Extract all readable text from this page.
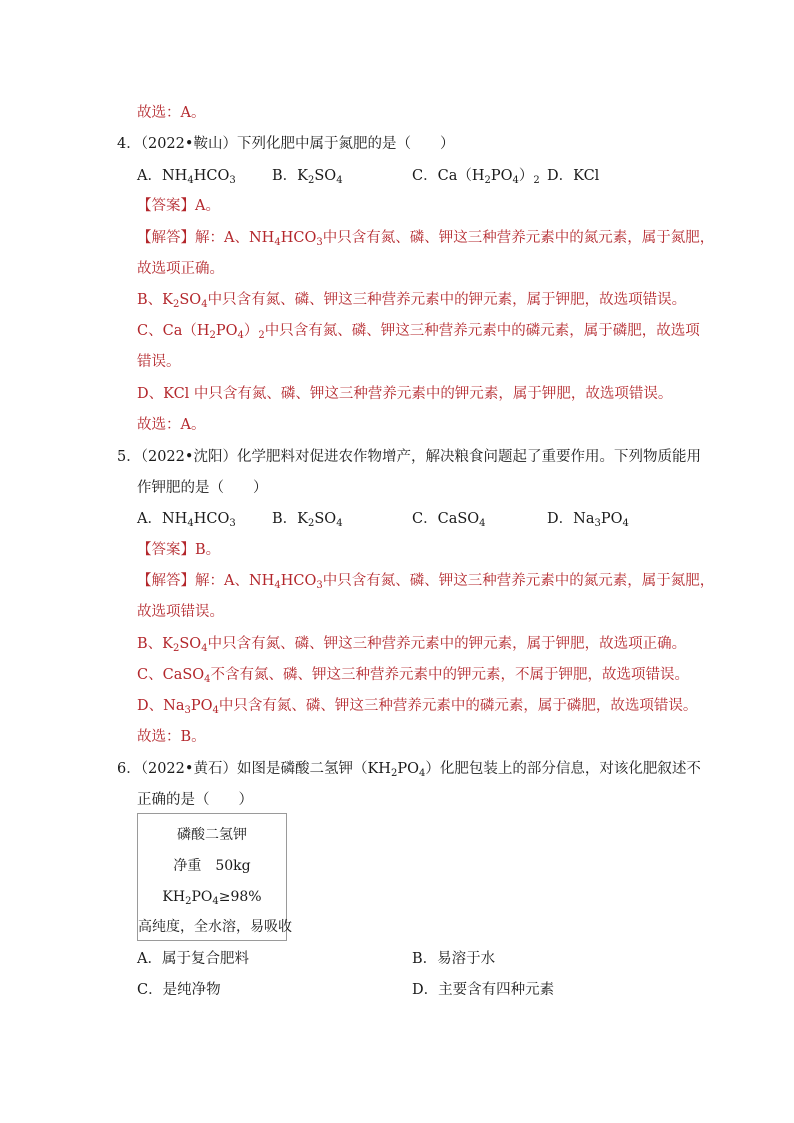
故选：A。
4．（2022•鞍山）下列化肥中属于氮肥的是（　　）
A．$NH_4HCO_3$	B．$K_2SO_4$	C．$Ca(H_2PO_4)_2$ D．KCl
【答案】A。
【解答】解：A、$NH_4HCO_3$中只含有氮、磷、钾这三种营养元素中的氮元素，属于氮肥，
故选项正确。
B、$K_2SO_4$中只含有氮、磷、钾这三种营养元素中的钾元素，属于钾肥，故选项错误。
C、$Ca(H_2PO_4)_2$中只含有氮、磷、钾这三种营养元素中的磷元素，属于磷肥，故选项
错误。
D、KCl 中只含有氮、磷、钾这三种营养元素中的钾元素，属于钾肥，故选项错误。
故选：A。
5．（2022•沈阳）化学肥料对促进农作物增产，解决粮食问题起了重要作用。下列物质能用
作钾肥的是（　　）
A．$NH_4HCO_3$	B．$K_2SO_4$	C．CaSO$_4$	D．$Na_3PO_4$
【答案】B。
【解答】解：A、$NH_4HCO_3$中只含有氮、磷、钾这三种营养元素中的氮元素，属于氮肥，
故选项错误。
B、$K_2SO_4$中只含有氮、磷、钾这三种营养元素中的钾元素，属于钾肥，故选项正确。
C、CaSO$_4$不含有氮、磷、钾这三种营养元素中的钾元素，不属于钾肥，故选项错误。
D、$Na_3PO_4$中只含有氮、磷、钾这三种营养元素中的磷元素，属于磷肥，故选项错误。
故选：B。
6．（2022•黄石）如图是磷酸二氢钾$(KH_2PO_4)$化肥包装上的部分信息，对该化肥叙述不
正确的是（　　）
磷酸二氢钾
净重　50kg
$KH_2PO_4\ge 98\%$
高纯度，全水溶，易吸收
A．属于复合肥料	B．易溶于水
C．是纯净物	D．主要含有四种元素
